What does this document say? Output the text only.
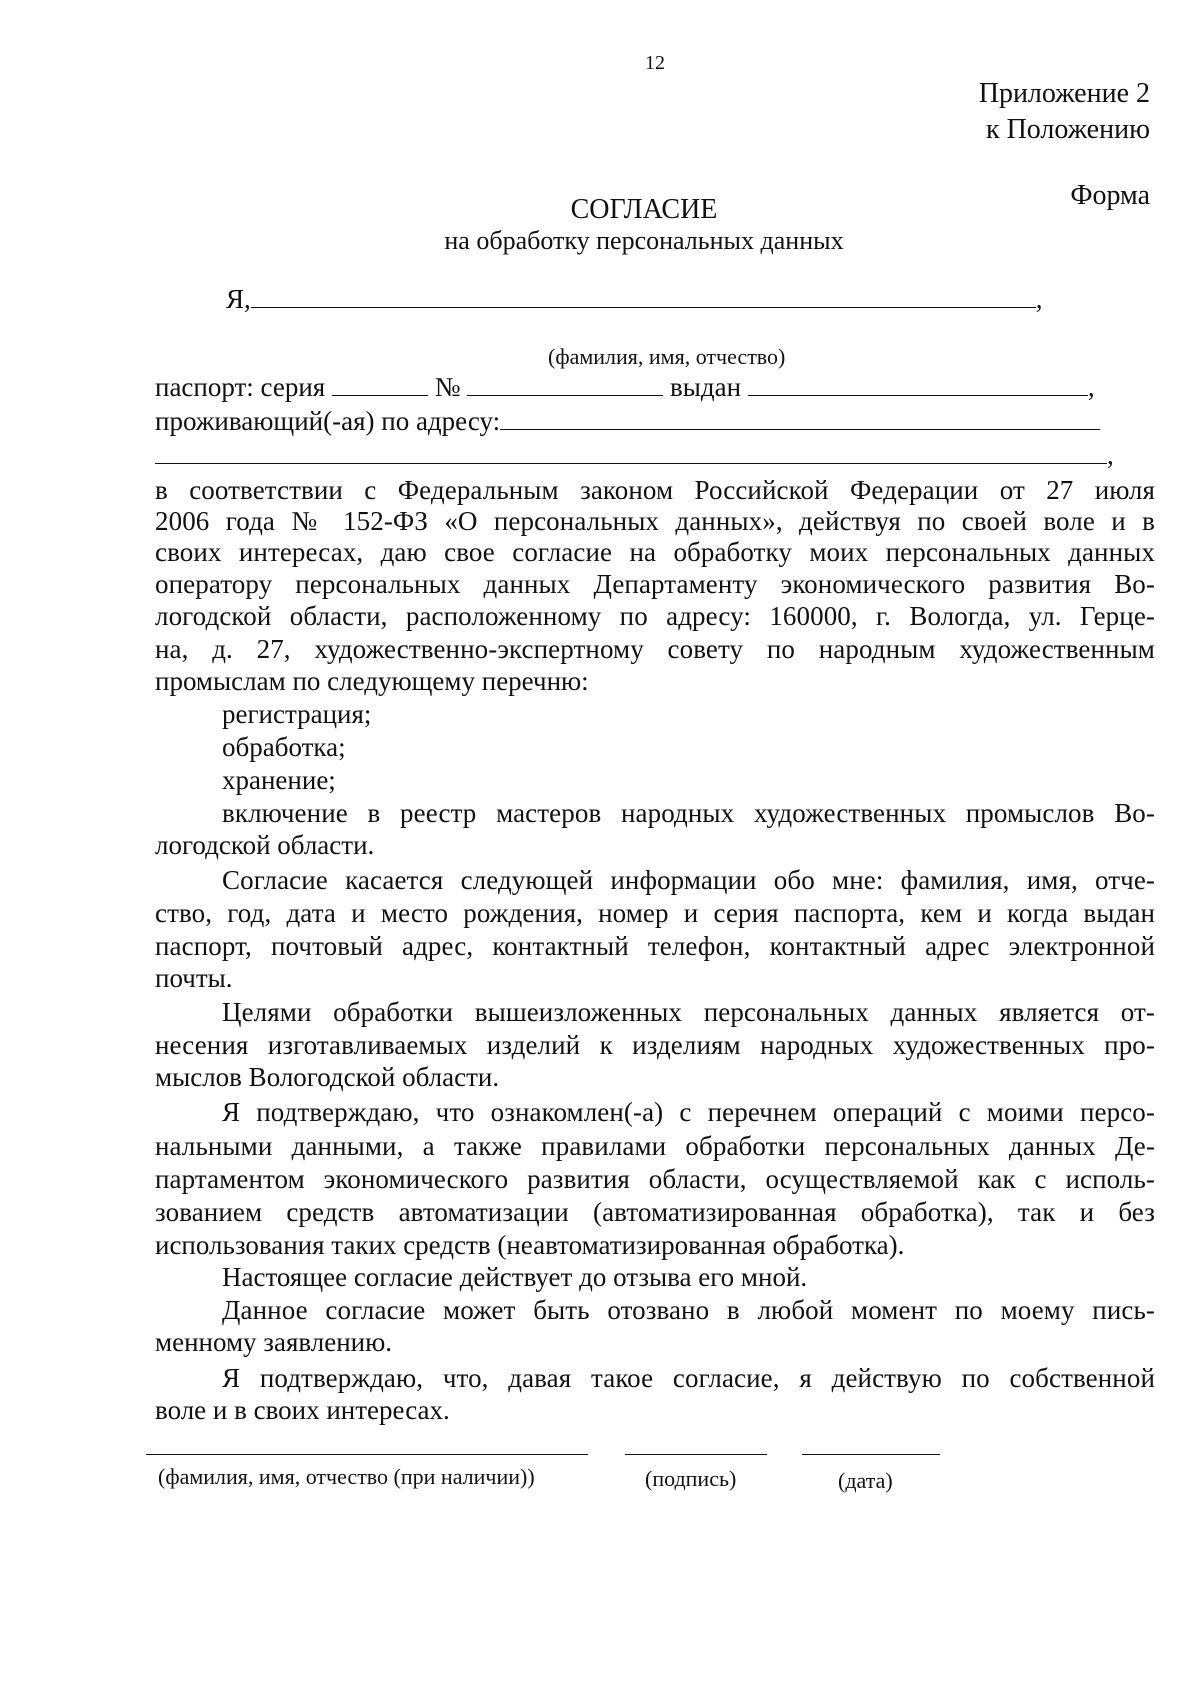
12
Приложение 2
к Положению
Форма
СОГЛАСИЕ
на обработку персональных данных
Я,	,
(фамилия, имя, отчество)
паспорт: серия	№	выдан	,
проживающий(-ая) по адресу:
,
в соответствии с Федеральным законом Российской Федерации от 27 июля
2006 года № 152-ФЗ «О персональных данных», действуя по своей воле и в
своих интересах, даю свое согласие на обработку моих персональных данных
оператору персональных данных Департаменту экономического развития Во-
логодской области, расположенному по адресу: 160000, г. Вологда, ул. Герце-
на, д. 27, художественно-экспертному совету по народным художественным
промыслам по следующему перечню:
регистрация;
обработка;
хранение;
включение в реестр мастеров народных художественных промыслов Во-
логодской области.
Согласие касается следующей информации обо мне: фамилия, имя, отче-
ство, год, дата и место рождения, номер и серия паспорта, кем и когда выдан
паспорт, почтовый адрес, контактный телефон, контактный адрес электронной
почты.
Целями обработки вышеизложенных персональных данных является от-
несения изготавливаемых изделий к изделиям народных художественных про-
мыслов Вологодской области.
Я подтверждаю, что ознакомлен(-а) с перечнем операций с моими персо-
нальными данными, а также правилами обработки персональных данных Де-
партаментом экономического развития области, осуществляемой как с исполь-
зованием средств автоматизации (автоматизированная обработка), так и без
использования таких средств (неавтоматизированная обработка).
Настоящее согласие действует до отзыва его мной.
Данное согласие может быть отозвано в любой момент по моему пись-
менному заявлению.
Я подтверждаю, что, давая такое согласие, я действую по собственной
воле и в своих интересах.
(фамилия, имя, отчество (при наличии))	(подпись)	(дата)
